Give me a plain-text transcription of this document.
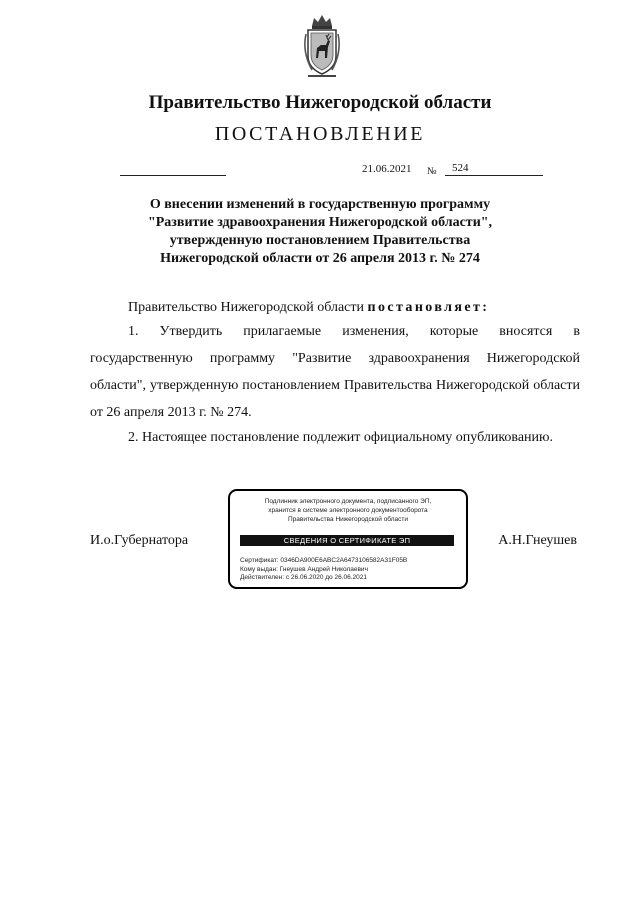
Правительство Нижегородской области
ПОСТАНОВЛЕНИЕ
21.06.2021 № 524
О внесении изменений в государственную программу
"Развитие здравоохранения Нижегородской области",
утвержденную постановлением Правительства
Нижегородской области от 26 апреля 2013 г. № 274
Правительство Нижегородской области постановляет:

1. Утвердить прилагаемые изменения, которые вносятся в государственную программу "Развитие здравоохранения Нижегородской области", утвержденную постановлением Правительства Нижегородской области от 26 апреля 2013 г. № 274.

2. Настоящее постановление подлежит официальному опубликованию.

И.о.Губернатора	А.Н.Гнеушев
Подлинник электронного документа, подписанного ЭП,
хранится в системе электронного документооборота
Правительства Нижегородской области
СВЕДЕНИЯ О СЕРТИФИКАТЕ ЭП
Сертификат: 0346DA900E6ABC2A6473106582A31F05B
Кому выдан: Гнеушев Андрей Николаевич
Действителен: с 26.06.2020 до 26.06.2021
